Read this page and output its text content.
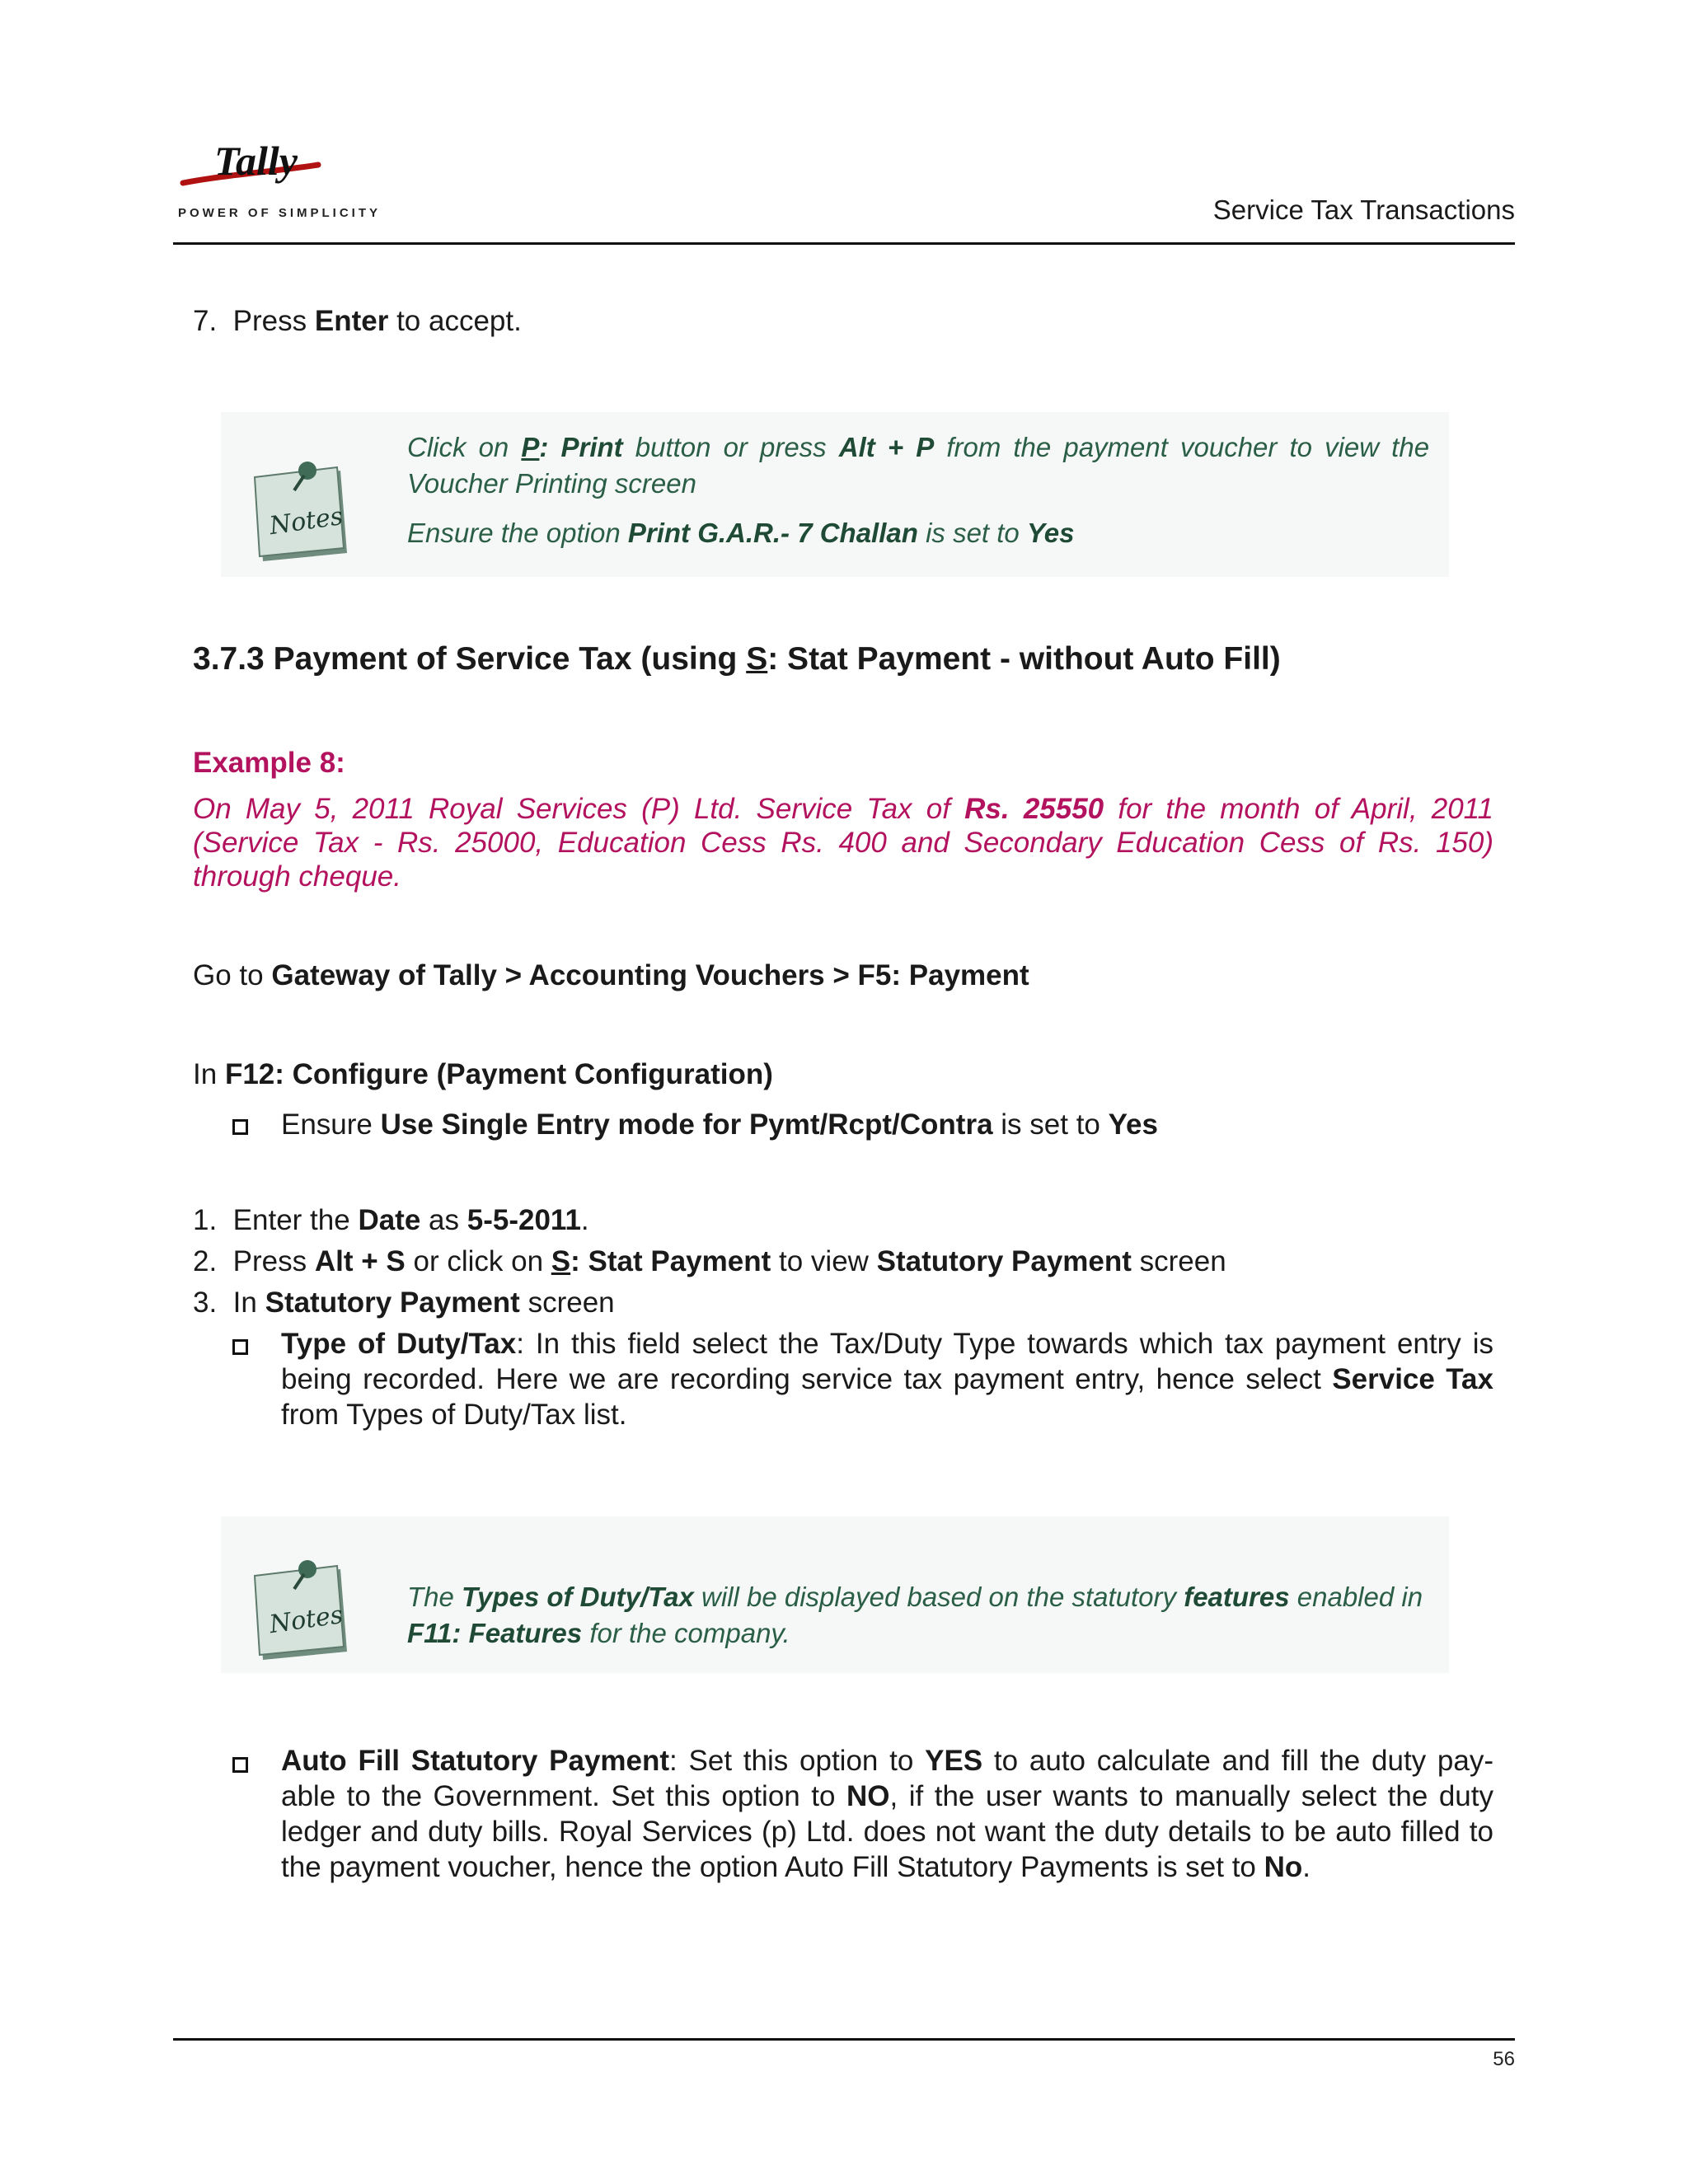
Tally
POWER OF SIMPLICITY	Service Tax Transactions
7. Press Enter to accept.
Notes
Click on P: Print button or press Alt + P from the payment voucher to view the
Voucher Printing screen
Ensure the option Print G.A.R.- 7 Challan is set to Yes
3.7.3 Payment of Service Tax (using S: Stat Payment - without Auto Fill)
Example 8:
On May 5, 2011 Royal Services (P) Ltd. Service Tax of Rs. 25550 for the month of April, 2011 (Service Tax - Rs. 25000, Education Cess Rs. 400 and Secondary Education Cess of Rs. 150) through cheque.
Go to Gateway of Tally > Accounting Vouchers > F5: Payment
In F12: Configure (Payment Configuration)
Ensure Use Single Entry mode for Pymt/Rcpt/Contra is set to Yes
1. Enter the Date as 5-5-2011.
2. Press Alt + S or click on S: Stat Payment to view Statutory Payment screen
3. In Statutory Payment screen
Type of Duty/Tax: In this field select the Tax/Duty Type towards which tax payment entry is being recorded. Here we are recording service tax payment entry, hence select Service Tax from Types of Duty/Tax list.
Notes
The Types of Duty/Tax will be displayed based on the statutory features enabled in
F11: Features for the company.
Auto Fill Statutory Payment: Set this option to YES to auto calculate and fill the duty pay-able to the Government. Set this option to NO, if the user wants to manually select the duty ledger and duty bills. Royal Services (p) Ltd. does not want the duty details to be auto filled to the payment voucher, hence the option Auto Fill Statutory Payments is set to No.
56
